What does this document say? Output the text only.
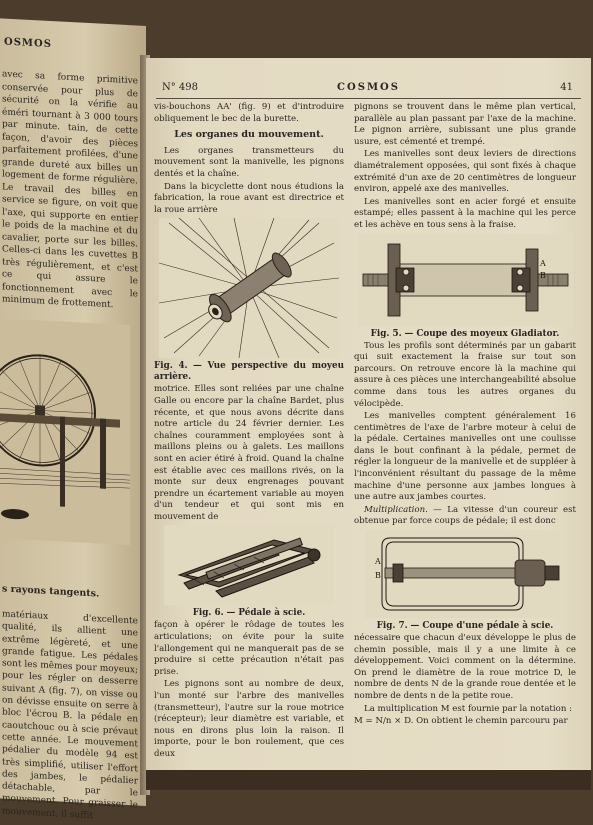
OSMOS
avec sa forme primitive conservée pour plus de sécurité on la vérifie au éméri tournant à 3 000 tours par minute. tain, de cette façon, d'avoir des pièces parfaitement profilées, d'une grande dureté aux billes un logement de forme régulière. Le travail des billes en service se figure, on voit que l'axe, qui supporte en entier le poids de la machine et du cavalier, porte sur les billes. Celles-ci dans les cuvettes B très régulièrement, et c'est ce qui assure le fonctionnement avec le minimum de frottement.
s rayons tangents.
matériaux d'excellente qualité, ils allient une extrême légèreté, et une grande fatigue. Les pédales sont les mêmes pour moyeux; pour les régler on desserre suivant A (fig. 7), on visse ou on dévisse ensuite on serre à bloc l'écrou B. la pédale en caoutchouc ou à scie prévaut cette année. Le mouvement pédalier du modèle 94 est très simplifié, utiliser l'effort des jambes, le pédalier détachable, par le mouvement. Pour graisser le mouvement, il suffit
N° 498	COSMOS	41

vis-bouchons AA' (fig. 9) et d'introduire obliquement le bec de la burette.

Les organes du mouvement.

Les organes transmetteurs du mouvement sont la manivelle, les pignons dentés et la chaîne.

Dans la bicyclette dont nous étudions la fabrication, la roue avant est directrice et la roue arrière

Fig. 4. — Vue perspective du moyeu arrière.

motrice. Elles sont reliées par une chaîne Galle ou encore par la chaîne Bardet, plus récente, et que nous avons décrite dans notre article du 24 février dernier. Les chaînes couramment employées sont à maillons pleins ou à galets. Les maillons sont en acier étiré à froid. Quand la chaîne est établie avec ces maillons rivés, on la monte sur deux engrenages pouvant prendre un écartement variable au moyen d'un tendeur et qui sont mis en mouvement de

Fig. 6. — Pédale à scie.

façon à opérer le rôdage de toutes les articulations; on évite pour la suite l'allongement qui ne manquerait pas de se produire si cette précaution n'était pas prise.

Les pignons sont au nombre de deux, l'un monté sur l'arbre des manivelles (transmetteur), l'autre sur la roue motrice (récepteur); leur diamètre est variable, et nous en dirons plus loin la raison. Il importe, pour le bon roulement, que ces deux

pignons se trouvent dans le même plan vertical, parallèle au plan passant par l'axe de la machine. Le pignon arrière, subissant une plus grande usure, est cémenté et trempé.

Les manivelles sont deux leviers de directions diamétralement opposées, qui sont fixés à chaque extrémité d'un axe de 20 centimètres de longueur environ, appelé axe des manivelles.

Les manivelles sont en acier forgé et ensuite estampé; elles passent à la machine qui les perce et les achève en tous sens à la fraise.

A
B

Fig. 5. — Coupe des moyeux Gladiator.

Tous les profils sont déterminés par un gabarit qui suit exactement la fraise sur tout son parcours. On retrouve encore là la machine qui assure à ces pièces une interchangeabilité absolue comme dans tous les autres organes du vélocipède.

Les manivelles comptent généralement 16 centimètres de l'axe de l'arbre moteur à celui de la pédale. Certaines manivelles ont une coulisse dans le bout confinant à la pédale, permet de régler la longueur de la manivelle et de suppléer à l'inconvénient résultant du passage de la même machine d'une personne aux jambes longues à une autre aux jambes courtes.

Multiplication. — La vitesse d'un coureur est obtenue par force coups de pédale; il est donc

A
B

Fig. 7. — Coupe d'une pédale à scie.

nécessaire que chacun d'eux développe le plus de chemin possible, mais il y a une limite à ce développement. Voici comment on la détermine. On prend le diamètre de la roue motrice D, le nombre de dents N de la grande roue dentée et le nombre de dents n de la petite roue.

La multiplication M est fournie par la notation :

M = N/n × D. On obtient le chemin parcouru par
